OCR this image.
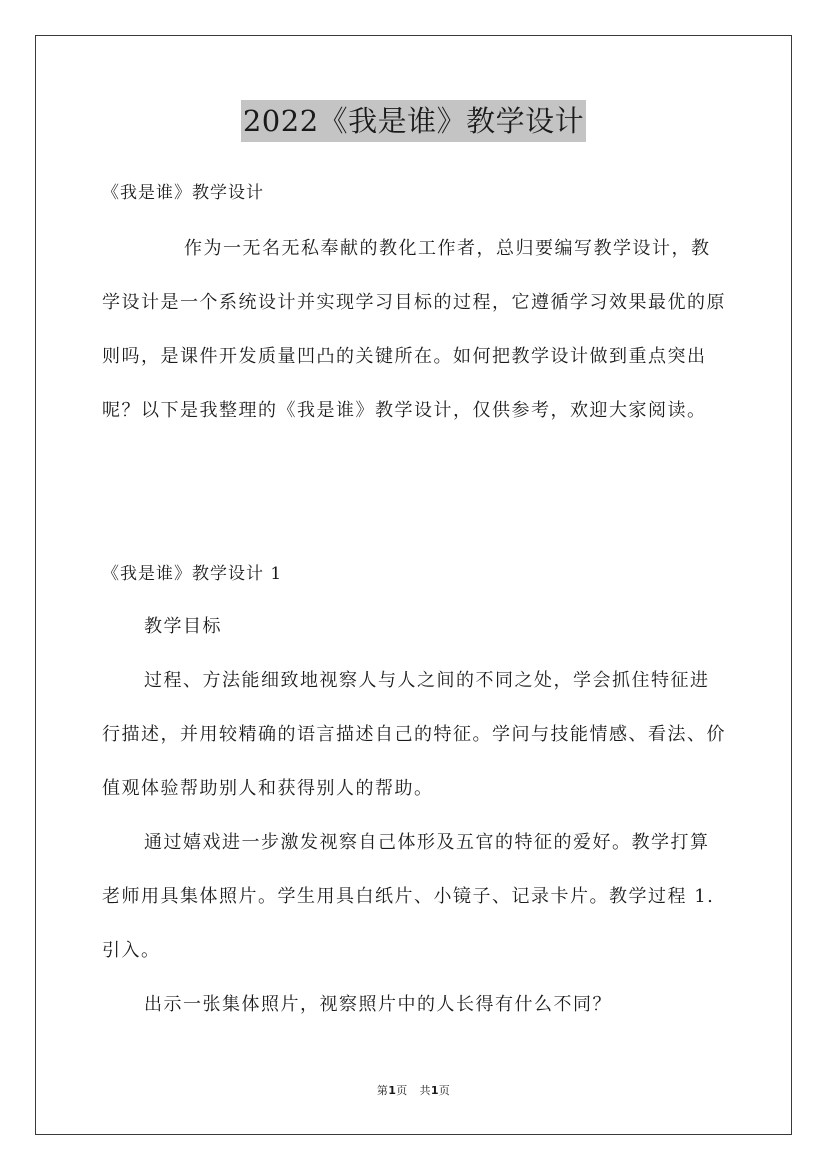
2022《我是谁》教学设计

《我是谁》教学设计

作为一无名无私奉献的教化工作者，总归要编写教学设计，教学设计是一个系统设计并实现学习目标的过程，它遵循学习效果最优的原则吗，是课件开发质量凹凸的关键所在。如何把教学设计做到重点突出呢？以下是我整理的《我是谁》教学设计，仅供参考，欢迎大家阅读。

《我是谁》教学设计 1

教学目标

过程、方法能细致地视察人与人之间的不同之处，学会抓住特征进行描述，并用较精确的语言描述自己的特征。学问与技能情感、看法、价值观体验帮助别人和获得别人的帮助。

通过嬉戏进一步激发视察自己体形及五官的特征的爱好。教学打算老师用具集体照片。学生用具白纸片、小镜子、记录卡片。教学过程 1. 引入。

出示一张集体照片，视察照片中的人长得有什么不同？

第1页 共1页
